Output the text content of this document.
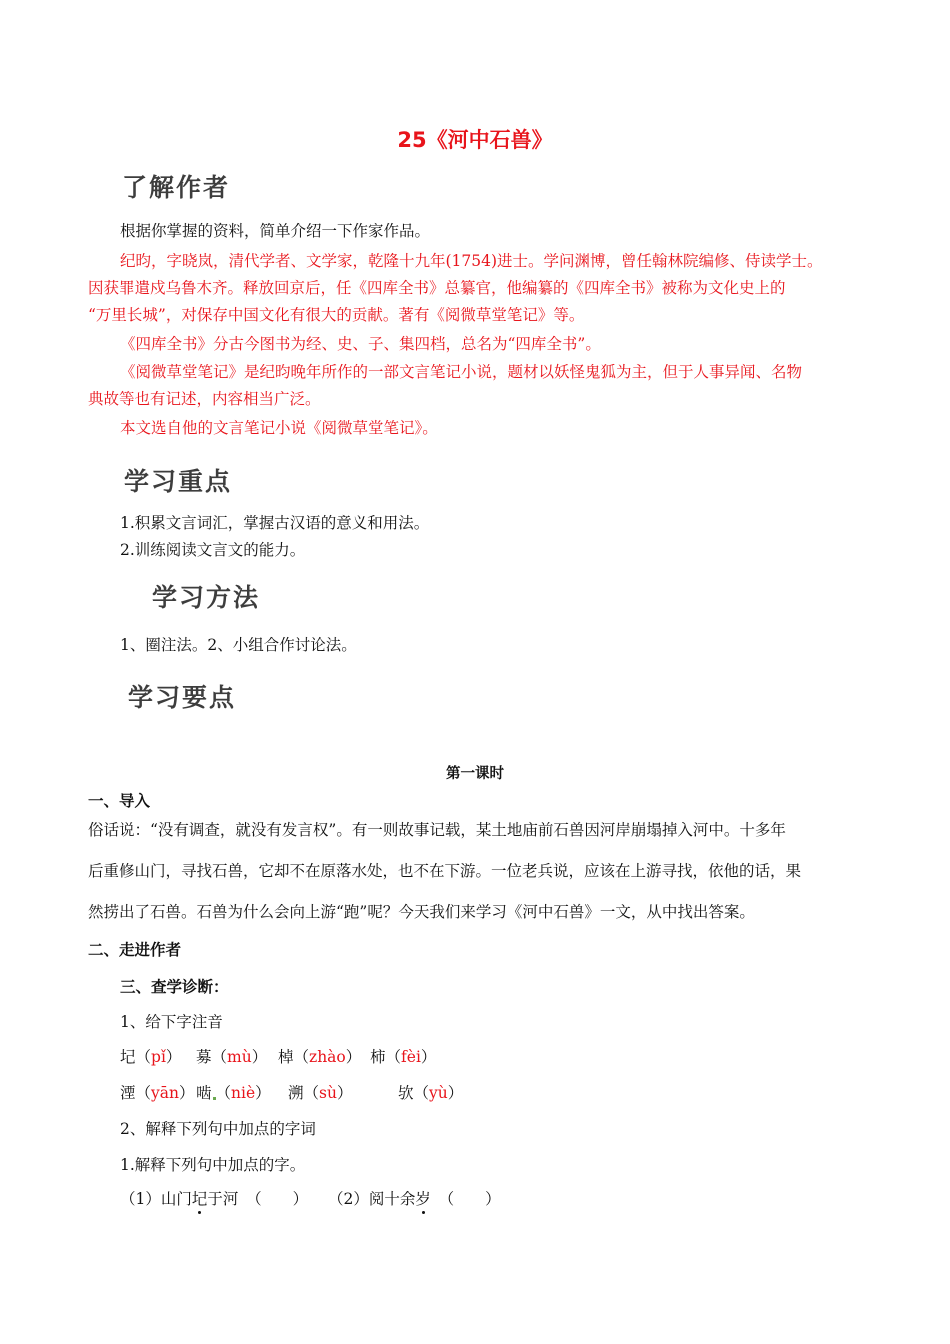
25《河中石兽》
了解作者
根据你掌握的资料，简单介绍一下作家作品。
纪昀，字晓岚，清代学者、文学家，乾隆十九年(1754)进士。学问渊博，曾任翰林院编修、侍读学士。
因获罪遣戍乌鲁木齐。释放回京后，任《四库全书》总纂官，他编纂的《四库全书》被称为文化史上的
“万里长城”，对保存中国文化有很大的贡献。著有《阅微草堂笔记》等。
《四库全书》分古今图书为经、史、子、集四档，总名为“四库全书”。
《阅微草堂笔记》是纪昀晚年所作的一部文言笔记小说，题材以妖怪鬼狐为主，但于人事异闻、名物
典故等也有记述，内容相当广泛。
本文选自他的文言笔记小说《阅微草堂笔记》。
学习重点
1.积累文言词汇，掌握古汉语的意义和用法。
2.训练阅读文言文的能力。
学习方法
1、圈注法。2、小组合作讨论法。
学习要点
第一课时
一、导入
俗话说：“没有调查，就没有发言权”。有一则故事记载，某土地庙前石兽因河岸崩塌掉入河中。十多年
后重修山门，寻找石兽，它却不在原落水处，也不在下游。一位老兵说，应该在上游寻找，依他的话，果
然捞出了石兽。石兽为什么会向上游“跑”呢？今天我们来学习《河中石兽》一文，从中找出答案。
二、走进作者
三、查学诊断：
1、给下字注音
圮（pǐ） 募（mù） 棹（zhào） 柿（fèi）
湮（yān） 啮 （niè） 溯（sù）	欤（yù）
2、解释下列句中加点的字词
1.解释下列句中加点的字。
（1）山门圮于河　（　　） （2）阅十余岁　（　　）
